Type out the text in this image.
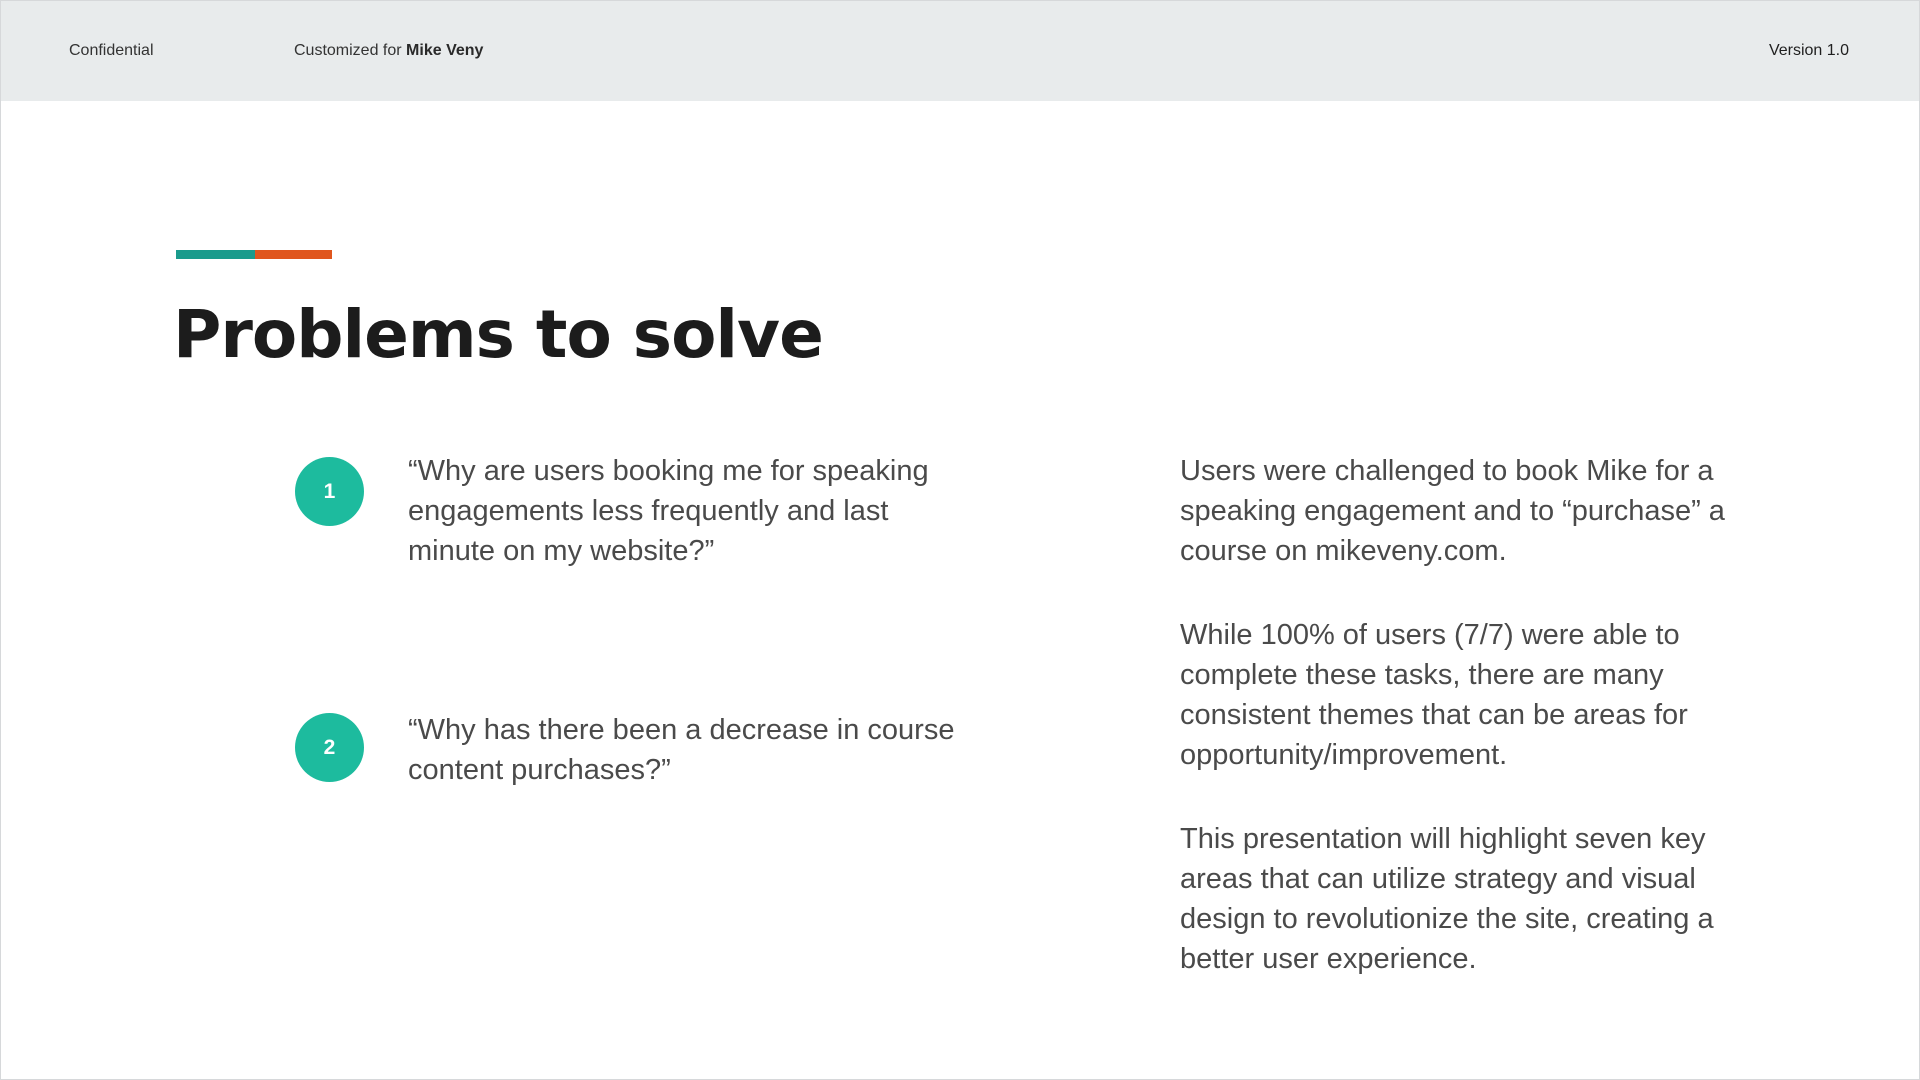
Confidential	Customized for Mike Veny	Version 1.0
Problems to solve
1

“Why are users booking me for speaking engagements less frequently and last minute on my website?”

2

“Why has there been a decrease in course content purchases?”

Users were challenged to book Mike for a speaking engagement and to “purchase” a course on mikeveny.com.

While 100% of users (7/7) were able to complete these tasks, there are many consistent themes that can be areas for opportunity/improvement.

This presentation will highlight seven key areas that can utilize strategy and visual design to revolutionize the site, creating a better user experience.
